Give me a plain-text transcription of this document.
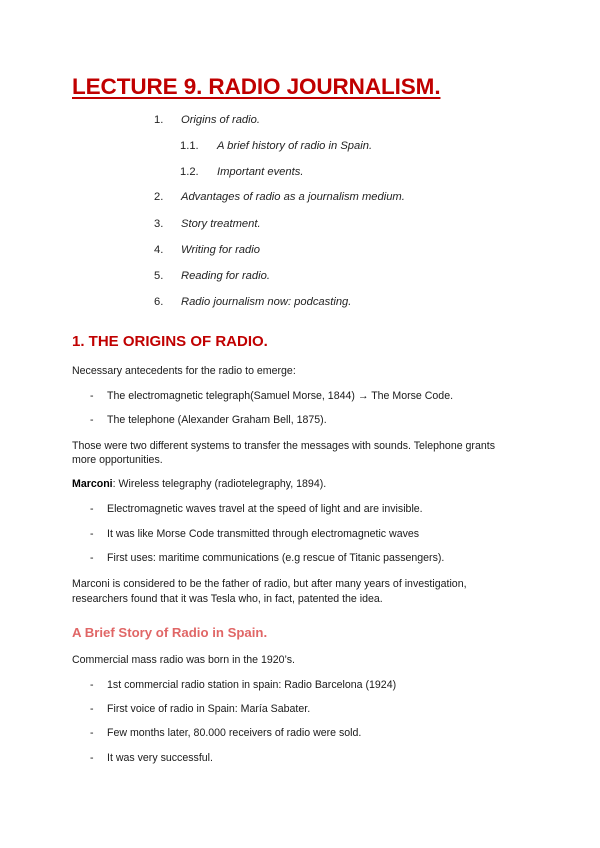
LECTURE 9. RADIO JOURNALISM.
1. Origins of radio.
1.1. A brief history of radio in Spain.
1.2. Important events.
2. Advantages of radio as a journalism medium.
3. Story treatment.
4. Writing for radio
5. Reading for radio.
6. Radio journalism now: podcasting.
1. THE ORIGINS OF RADIO.
Necessary antecedents for the radio to emerge:
- The electromagnetic telegraph(Samuel Morse, 1844) → The Morse Code.
- The telephone (Alexander Graham Bell, 1875).
Those were two different systems to transfer the messages with sounds. Telephone grants
more opportunities.
Marconi: Wireless telegraphy (radiotelegraphy, 1894).
- Electromagnetic waves travel at the speed of light and are invisible.
- It was like Morse Code transmitted through electromagnetic waves
- First uses: maritime communications (e.g rescue of Titanic passengers).
Marconi is considered to be the father of radio, but after many years of investigation,
researchers found that it was Tesla who, in fact, patented the idea.
A Brief Story of Radio in Spain.
Commercial mass radio was born in the 1920’s.
- 1st commercial radio station in spain: Radio Barcelona (1924)
- First voice of radio in Spain: María Sabater.
- Few months later, 80.000 receivers of radio were sold.
- It was very successful.
